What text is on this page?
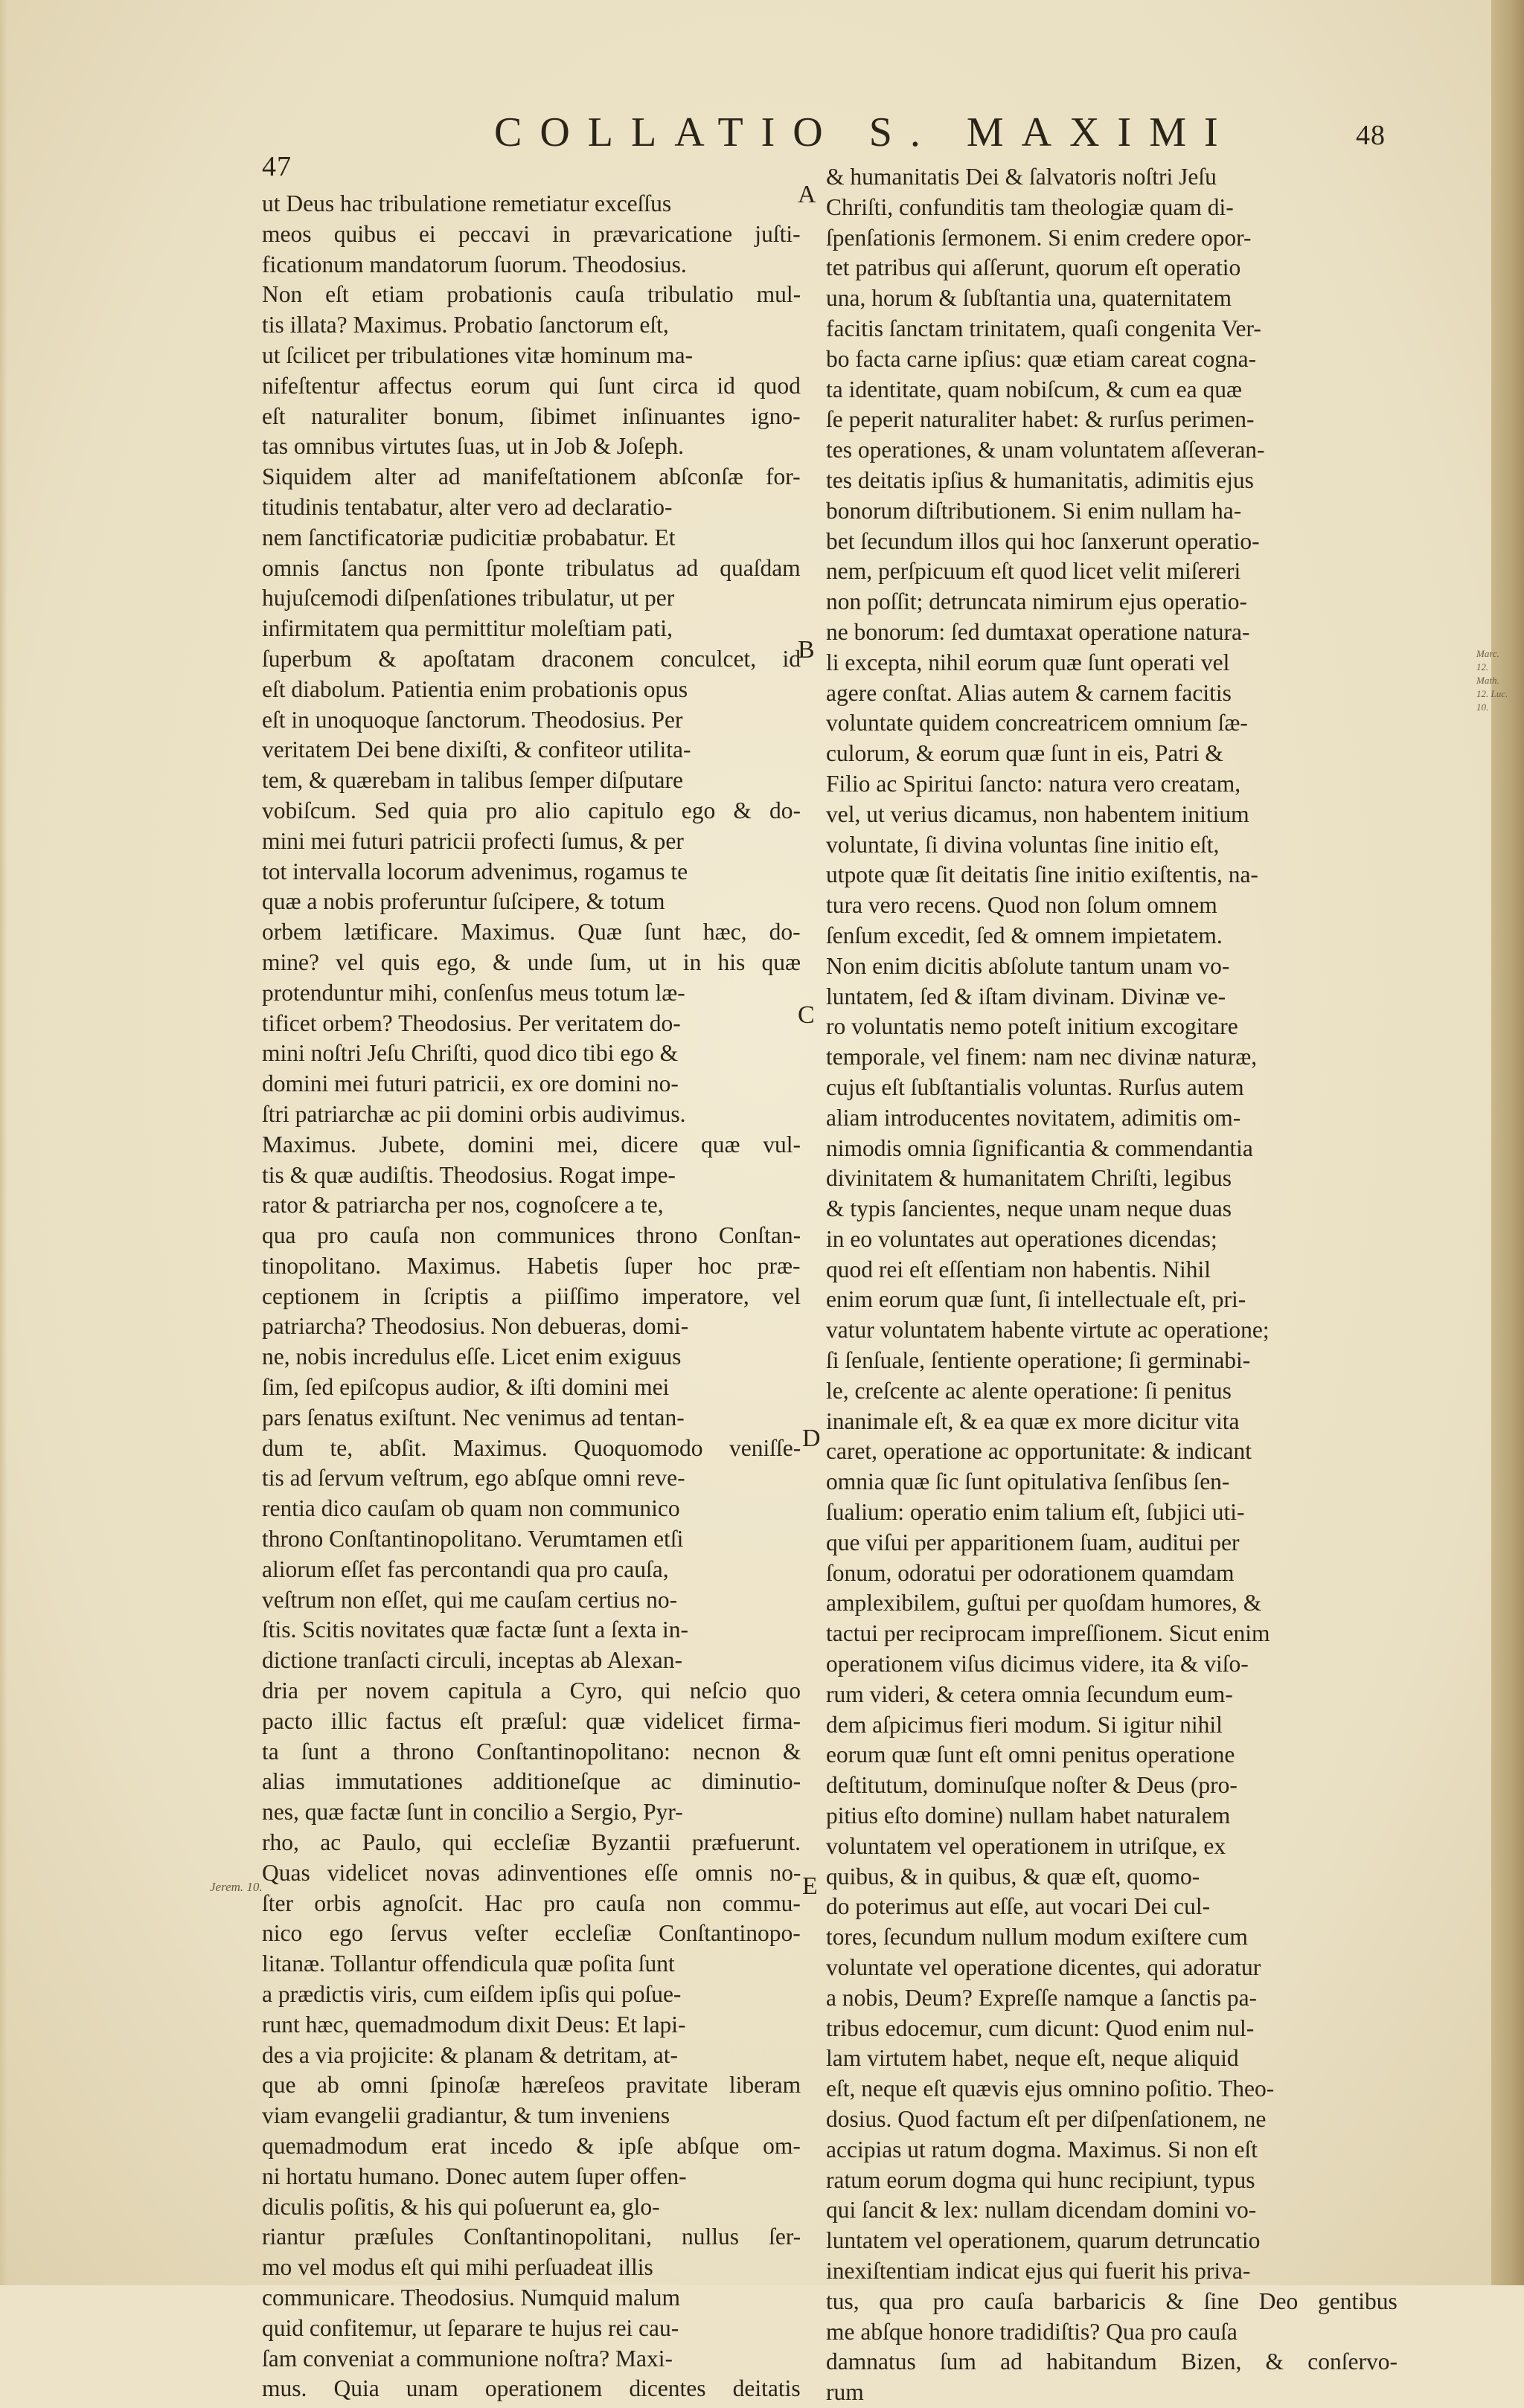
47
COLLATIO S. MAXIMI	48
ut Deus hac tribulatione remetiatur exceſſus
meos quibus ei peccavi in prævaricatione juſti-
ficationum mandatorum ſuorum. Theodosius.
Non eſt etiam probationis cauſa tribulatio mul-
tis illata? Maximus. Probatio ſanctorum eſt,
ut ſcilicet per tribulationes vitæ hominum ma-
nifeſtentur affectus eorum qui ſunt circa id quod
eſt naturaliter bonum, ſibimet inſinuantes igno-
tas omnibus virtutes ſuas, ut in Job & Joſeph.
Siquidem alter ad manifeſtationem abſconſæ for-
titudinis tentabatur, alter vero ad declaratio-
nem ſanctificatoriæ pudicitiæ probabatur. Et
omnis ſanctus non ſponte tribulatus ad quaſdam
hujuſcemodi diſpenſationes tribulatur, ut per
infirmitatem qua permittitur moleſtiam pati,
ſuperbum & apoſtatam draconem conculcet, id
eſt diabolum. Patientia enim probationis opus
eſt in unoquoque ſanctorum. Theodosius. Per
veritatem Dei bene dixiſti, & confiteor utilita-
tem, & quærebam in talibus ſemper diſputare
vobiſcum. Sed quia pro alio capitulo ego & do-
mini mei futuri patricii profecti ſumus, & per
tot intervalla locorum advenimus, rogamus te
quæ a nobis proferuntur ſuſcipere, & totum
orbem lætificare. Maximus. Quæ ſunt hæc, do-
mine? vel quis ego, & unde ſum, ut in his quæ
protenduntur mihi, conſenſus meus totum læ-
tificet orbem? Theodosius. Per veritatem do-
mini noſtri Jeſu Chriſti, quod dico tibi ego &
domini mei futuri patricii, ex ore domini no-
ſtri patriarchæ ac pii domini orbis audivimus.
Maximus. Jubete, domini mei, dicere quæ vul-
tis & quæ audiſtis. Theodosius. Rogat impe-
rator & patriarcha per nos, cognoſcere a te,
qua pro cauſa non communices throno Conſtan-
tinopolitano. Maximus. Habetis ſuper hoc præ-
ceptionem in ſcriptis a piiſſimo imperatore, vel
patriarcha? Theodosius. Non debueras, domi-
ne, nobis incredulus eſſe. Licet enim exiguus
ſim, ſed epiſcopus audior, & iſti domini mei
pars ſenatus exiſtunt. Nec venimus ad tentan-
dum te, abſit. Maximus. Quoquomodo veniſſe-
tis ad ſervum veſtrum, ego abſque omni reve-
rentia dico cauſam ob quam non communico
throno Conſtantinopolitano. Verumtamen etſi
aliorum eſſet fas percontandi qua pro cauſa,
veſtrum non eſſet, qui me cauſam certius no-
ſtis. Scitis novitates quæ factæ ſunt a ſexta in-
dictione tranſacti circuli, inceptas ab Alexan-
dria per novem capitula a Cyro, qui neſcio quo
pacto illic factus eſt præſul: quæ videlicet firma-
ta ſunt a throno Conſtantinopolitano: necnon &
alias immutationes additioneſque ac diminutio-
nes, quæ factæ ſunt in concilio a Sergio, Pyr-
rho, ac Paulo, qui eccleſiæ Byzantii præfuerunt.
Quas videlicet novas adinventiones eſſe omnis no-
ſter orbis agnoſcit. Hac pro cauſa non commu-
nico ego ſervus veſter eccleſiæ Conſtantinopo-
litanæ. Tollantur offendicula quæ poſita ſunt
a prædictis viris, cum eiſdem ipſis qui poſue-
runt hæc, quemadmodum dixit Deus: Et lapi-
des a via projicite: & planam & detritam, at-
que ab omni ſpinoſæ hæreſeos pravitate liberam
viam evangelii gradiantur, & tum inveniens
quemadmodum erat incedo & ipſe abſque om-
ni hortatu humano. Donec autem ſuper offen-
diculis poſitis, & his qui poſuerunt ea, glo-
riantur præſules Conſtantinopolitani, nullus ſer-
mo vel modus eſt qui mihi perſuadeat illis
communicare. Theodosius. Numquid malum
quid confitemur, ut ſeparare te hujus rei cau-
ſam conveniat a communione noſtra? Maxi-
mus. Quia unam operationem dicentes deitatis
& humanitatis Dei & ſalvatoris noſtri Jeſu
Chriſti, confunditis tam theologiæ quam di-
ſpenſationis ſermonem. Si enim credere opor-
tet patribus qui aſſerunt, quorum eſt operatio
una, horum & ſubſtantia una, quaternitatem
facitis ſanctam trinitatem, quaſi congenita Ver-
bo facta carne ipſius: quæ etiam careat cogna-
ta identitate, quam nobiſcum, & cum ea quæ
ſe peperit naturaliter habet: & rurſus perimen-
tes operationes, & unam voluntatem aſſeveran-
tes deitatis ipſius & humanitatis, adimitis ejus
bonorum diſtributionem. Si enim nullam ha-
bet ſecundum illos qui hoc ſanxerunt operatio-
nem, perſpicuum eſt quod licet velit miſereri
non poſſit; detruncata nimirum ejus operatio-
ne bonorum: ſed dumtaxat operatione natura-
li excepta, nihil eorum quæ ſunt operati vel
agere conſtat. Alias autem & carnem facitis
voluntate quidem concreatricem omnium ſæ-
culorum, & eorum quæ ſunt in eis, Patri &
Filio ac Spiritui ſancto: natura vero creatam,
vel, ut verius dicamus, non habentem initium
voluntate, ſi divina voluntas ſine initio eſt,
utpote quæ ſit deitatis ſine initio exiſtentis, na-
tura vero recens. Quod non ſolum omnem
ſenſum excedit, ſed & omnem impietatem.
Non enim dicitis abſolute tantum unam vo-
luntatem, ſed & iſtam divinam. Divinæ ve-
ro voluntatis nemo poteſt initium excogitare
temporale, vel finem: nam nec divinæ naturæ,
cujus eſt ſubſtantialis voluntas. Rurſus autem
aliam introducentes novitatem, adimitis om-
nimodis omnia ſignificantia & commendantia
divinitatem & humanitatem Chriſti, legibus
& typis ſancientes, neque unam neque duas
in eo voluntates aut operationes dicendas;
quod rei eſt eſſentiam non habentis. Nihil
enim eorum quæ ſunt, ſi intellectuale eſt, pri-
vatur voluntatem habente virtute ac operatione;
ſi ſenſuale, ſentiente operatione; ſi germinabi-
le, creſcente ac alente operatione: ſi penitus
inanimale eſt, & ea quæ ex more dicitur vita
caret, operatione ac opportunitate: & indicant
omnia quæ ſic ſunt opitulativa ſenſibus ſen-
ſualium: operatio enim talium eſt, ſubjici uti-
que viſui per apparitionem ſuam, auditui per
ſonum, odoratui per odorationem quamdam
amplexibilem, guſtui per quoſdam humores, &
tactui per reciprocam impreſſionem. Sicut enim
operationem viſus dicimus videre, ita & viſo-
rum videri, & cetera omnia ſecundum eum-
dem aſpicimus fieri modum. Si igitur nihil
eorum quæ ſunt eſt omni penitus operatione
deſtitutum, dominuſque noſter & Deus (pro-
pitius eſto domine) nullam habet naturalem
voluntatem vel operationem in utriſque, ex
quibus, & in quibus, & quæ eſt, quomo-
do poterimus aut eſſe, aut vocari Dei cul-
tores, ſecundum nullum modum exiſtere cum
voluntate vel operatione dicentes, qui adoratur
a nobis, Deum? Expreſſe namque a ſanctis pa-
tribus edocemur, cum dicunt: Quod enim nul-
lam virtutem habet, neque eſt, neque aliquid
eſt, neque eſt quævis ejus omnino poſitio. Theo-
dosius. Quod factum eſt per diſpenſationem, ne
accipias ut ratum dogma. Maximus. Si non eſt
ratum eorum dogma qui hunc recipiunt, typus
qui ſancit & lex: nullam dicendam domini vo-
luntatem vel operationem, quarum detruncatio
inexiſtentiam indicat ejus qui fuerit his priva-
tus, qua pro cauſa barbaricis & ſine Deo gentibus
me abſque honore tradidiſtis? Qua pro cauſa
damnatus ſum ad habitandum Bizen, & conſervo-
rum
A
B
C
D
E
Jerem. 10.
Marc. 12. Math. 12. Luc. 10.
